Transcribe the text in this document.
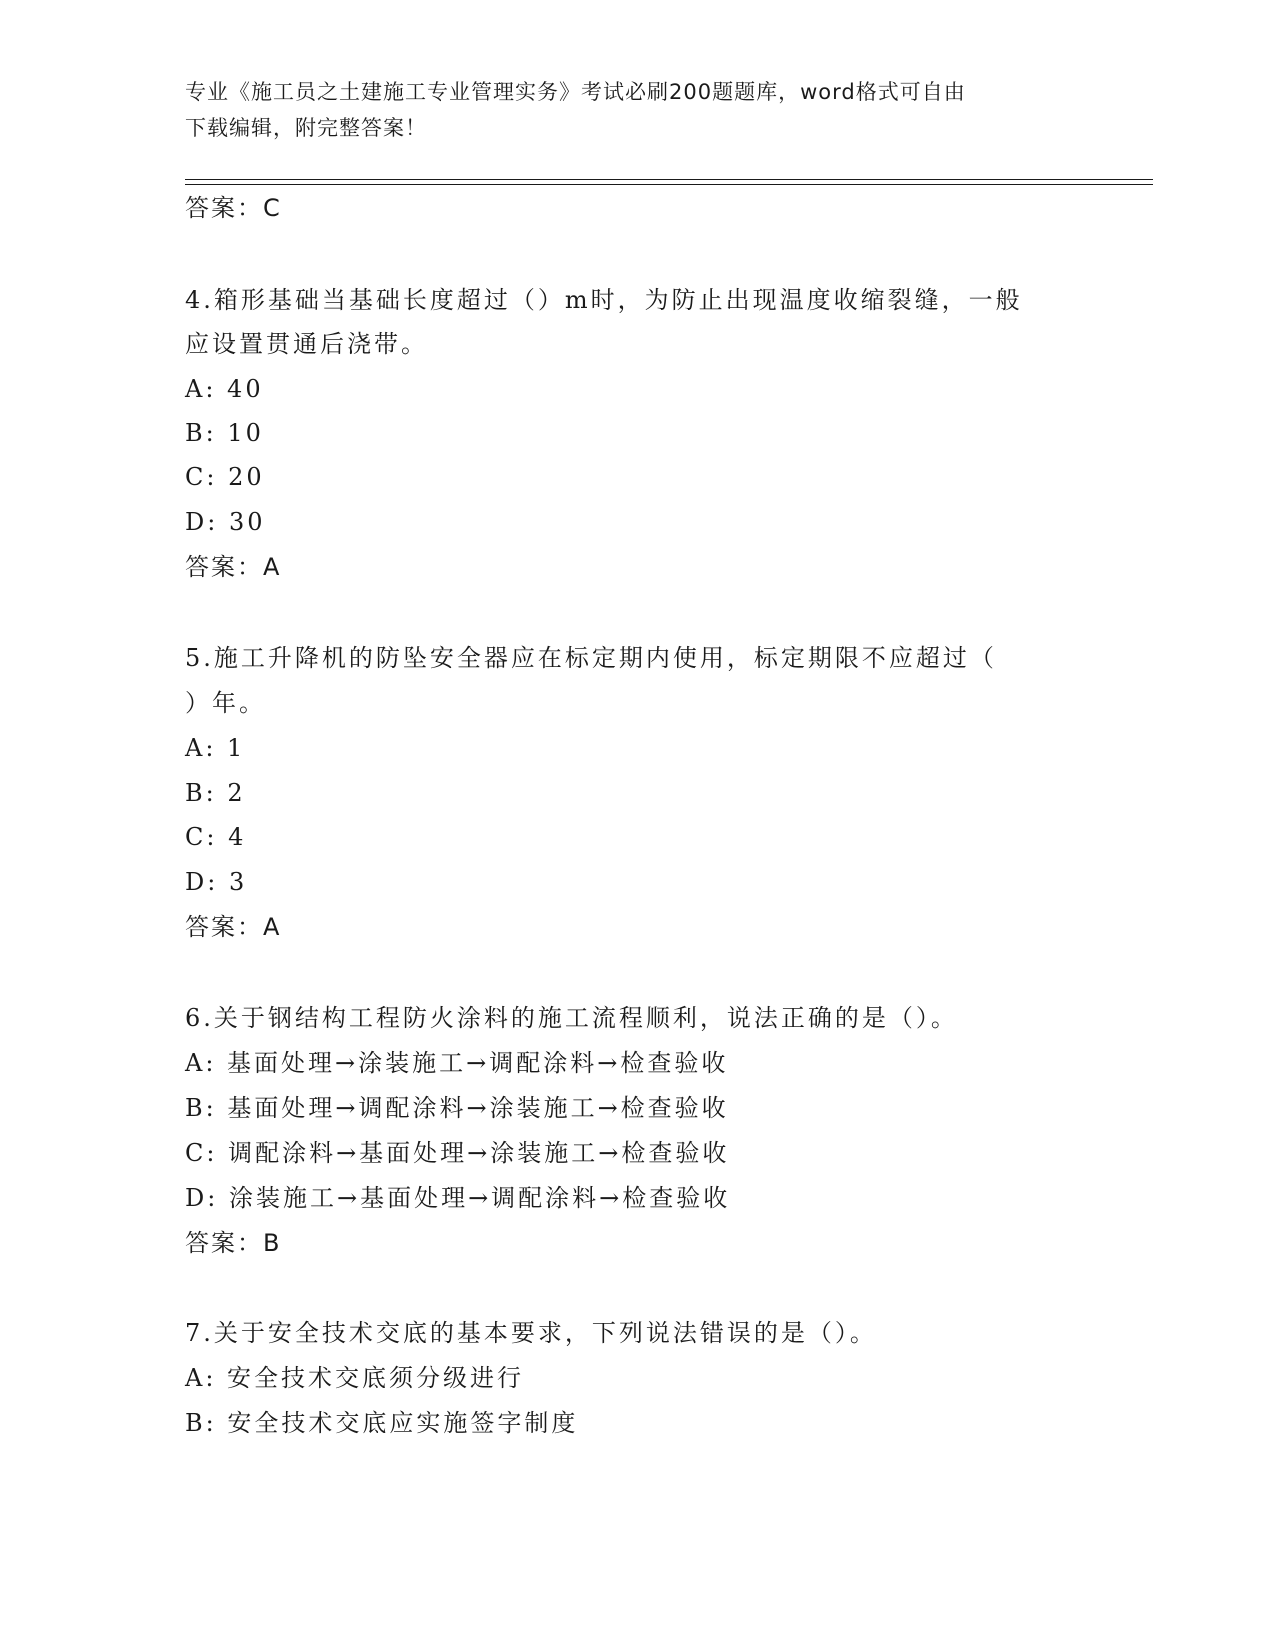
专业《施工员之土建施工专业管理实务》考试必刷200题题库，word格式可自由
下载编辑，附完整答案！
答案：C
4.箱形基础当基础长度超过（）m时，为防止出现温度收缩裂缝，一般
应设置贯通后浇带。
A: 40
B: 10
C: 20
D: 30
答案：A
5.施工升降机的防坠安全器应在标定期内使用，标定期限不应超过（
）年。
A: 1
B: 2
C: 4
D: 3
答案：A
6.关于钢结构工程防火涂料的施工流程顺利，说法正确的是（）。
A: 基面处理→涂装施工→调配涂料→检查验收
B: 基面处理→调配涂料→涂装施工→检查验收
C: 调配涂料→基面处理→涂装施工→检查验收
D: 涂装施工→基面处理→调配涂料→检查验收
答案：B
7.关于安全技术交底的基本要求，下列说法错误的是（）。
A: 安全技术交底须分级进行
B: 安全技术交底应实施签字制度
